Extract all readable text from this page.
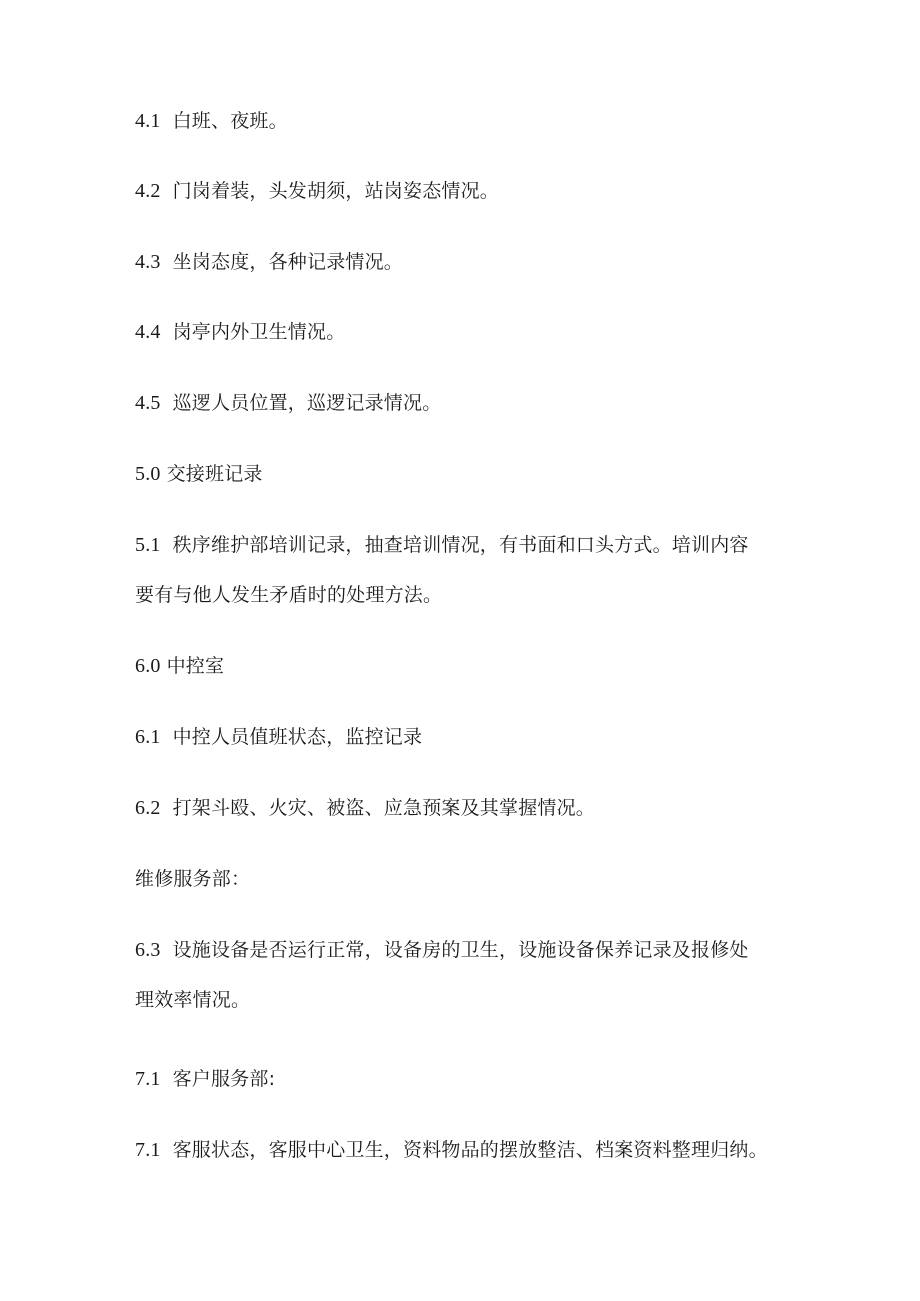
4.1 白班、夜班。
4.2 门岗着装，头发胡须，站岗姿态情况。
4.3 坐岗态度，各种记录情况。
4.4 岗亭内外卫生情况。
4.5 巡逻人员位置，巡逻记录情况。
5.0 交接班记录
5.1 秩序维护部培训记录，抽查培训情况，有书面和口头方式。培训内容
要有与他人发生矛盾时的处理方法。
6.0 中控室
6.1 中控人员值班状态，监控记录
6.2 打架斗殴、火灾、被盗、应急预案及其掌握情况。
维修服务部：
6.3 设施设备是否运行正常，设备房的卫生，设施设备保养记录及报修处
理效率情况。
7.1 客户服务部:
7.1 客服状态，客服中心卫生，资料物品的摆放整洁、档案资料整理归纳。
